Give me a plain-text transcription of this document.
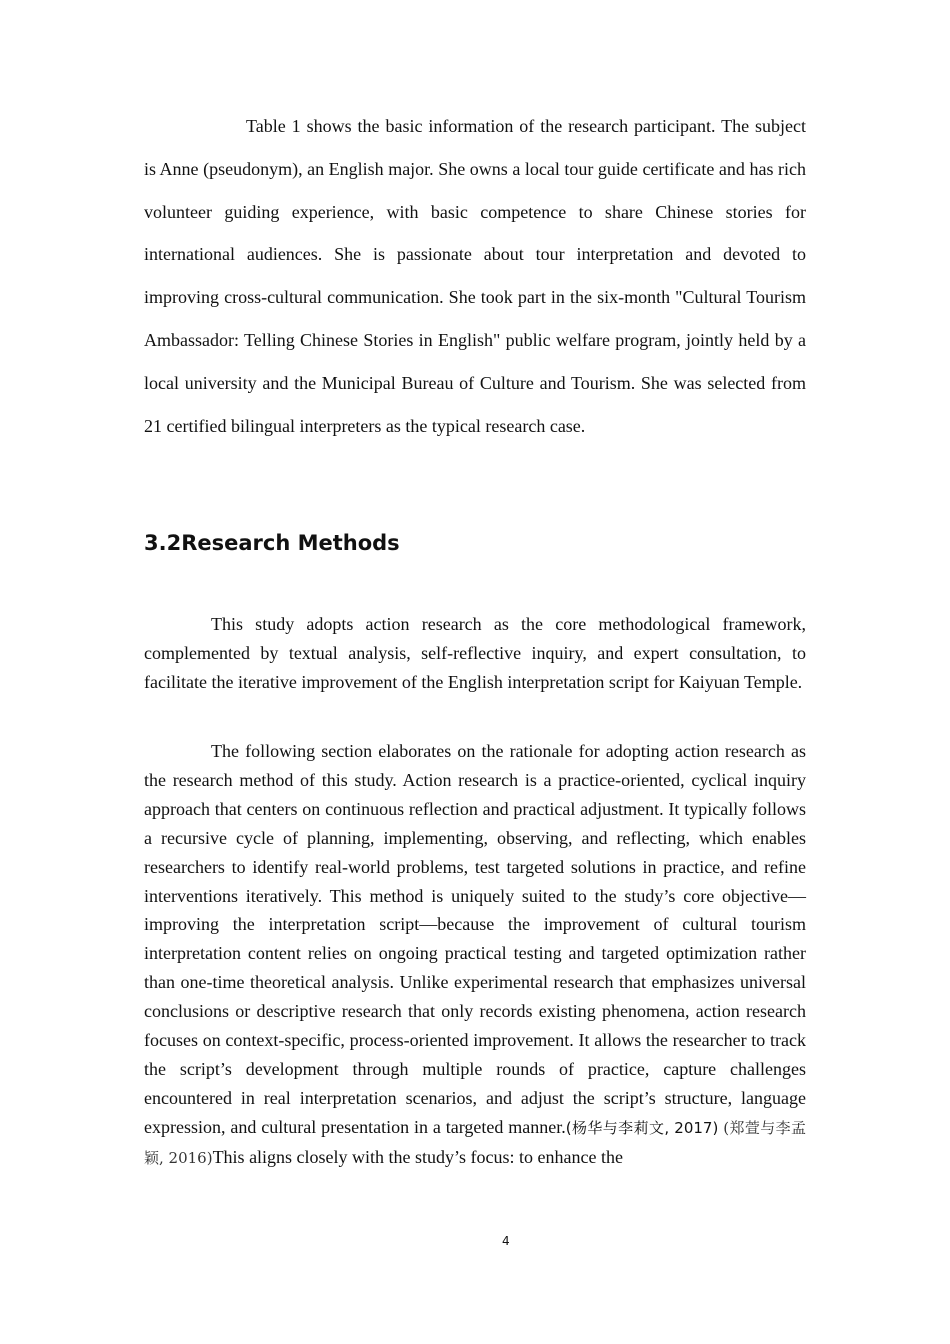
Table 1 shows the basic information of the research participant. The subject is Anne (pseudonym), an English major. She owns a local tour guide certificate and has rich volunteer guiding experience, with basic competence to share Chinese stories for international audiences. She is passionate about tour interpretation and devoted to improving cross-cultural communication. She took part in the six-month "Cultural Tourism Ambassador: Telling Chinese Stories in English" public welfare program, jointly held by a local university and the Municipal Bureau of Culture and Tourism. She was selected from 21 certified bilingual interpreters as the typical research case.

3.2Research Methods

This study adopts action research as the core methodological framework, complemented by textual analysis, self-reflective inquiry, and expert consultation, to facilitate the iterative improvement of the English interpretation script for Kaiyuan Temple.

The following section elaborates on the rationale for adopting action research as the research method of this study. Action research is a practice-oriented, cyclical inquiry approach that centers on continuous reflection and practical adjustment. It typically follows a recursive cycle of planning, implementing, observing, and reflecting, which enables researchers to identify real-world problems, test targeted solutions in practice, and refine interventions iteratively. This method is uniquely suited to the study’s core objective—improving the interpretation script—because the improvement of cultural tourism interpretation content relies on ongoing practical testing and targeted optimization rather than one-time theoretical analysis. Unlike experimental research that emphasizes universal conclusions or descriptive research that only records existing phenomena, action research focuses on context-specific, process-oriented improvement. It allows the researcher to track the script’s development through multiple rounds of practice, capture challenges encountered in real interpretation scenarios, and adjust the script’s structure, language expression, and cultural presentation in a targeted manner.(杨华与李莉文, 2017) (郑萱与李孟颖, 2016)This aligns closely with the study’s focus: to enhance the

4
